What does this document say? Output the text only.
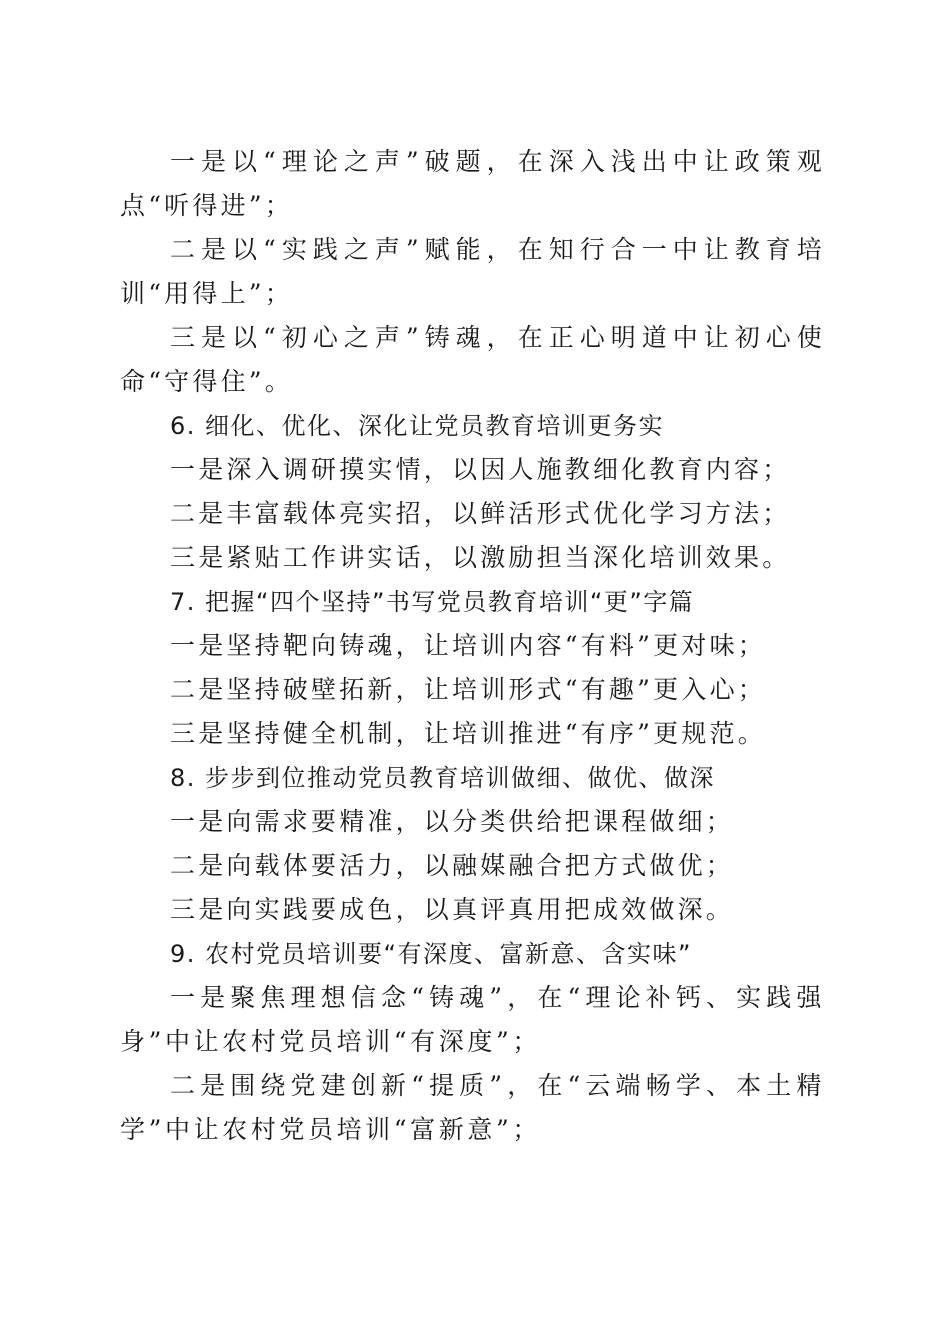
一是以“理论之声”破题，在深入浅出中让政策观点“听得进”；

二是以“实践之声”赋能，在知行合一中让教育培训“用得上”；

三是以“初心之声”铸魂，在正心明道中让初心使命“守得住”。

6. 细化、优化、深化让党员教育培训更务实

一是深入调研摸实情，以因人施教细化教育内容；

二是丰富载体亮实招，以鲜活形式优化学习方法；

三是紧贴工作讲实话，以激励担当深化培训效果。

7. 把握“四个坚持”书写党员教育培训“更”字篇

一是坚持靶向铸魂，让培训内容“有料”更对味；

二是坚持破壁拓新，让培训形式“有趣”更入心；

三是坚持健全机制，让培训推进“有序”更规范。

8. 步步到位推动党员教育培训做细、做优、做深

一是向需求要精准，以分类供给把课程做细；

二是向载体要活力，以融媒融合把方式做优；

三是向实践要成色，以真评真用把成效做深。

9. 农村党员培训要“有深度、富新意、含实味”

一是聚焦理想信念“铸魂”，在“理论补钙、实践强身”中让农村党员培训“有深度”；

二是围绕党建创新“提质”，在“云端畅学、本土精学”中让农村党员培训“富新意”；
